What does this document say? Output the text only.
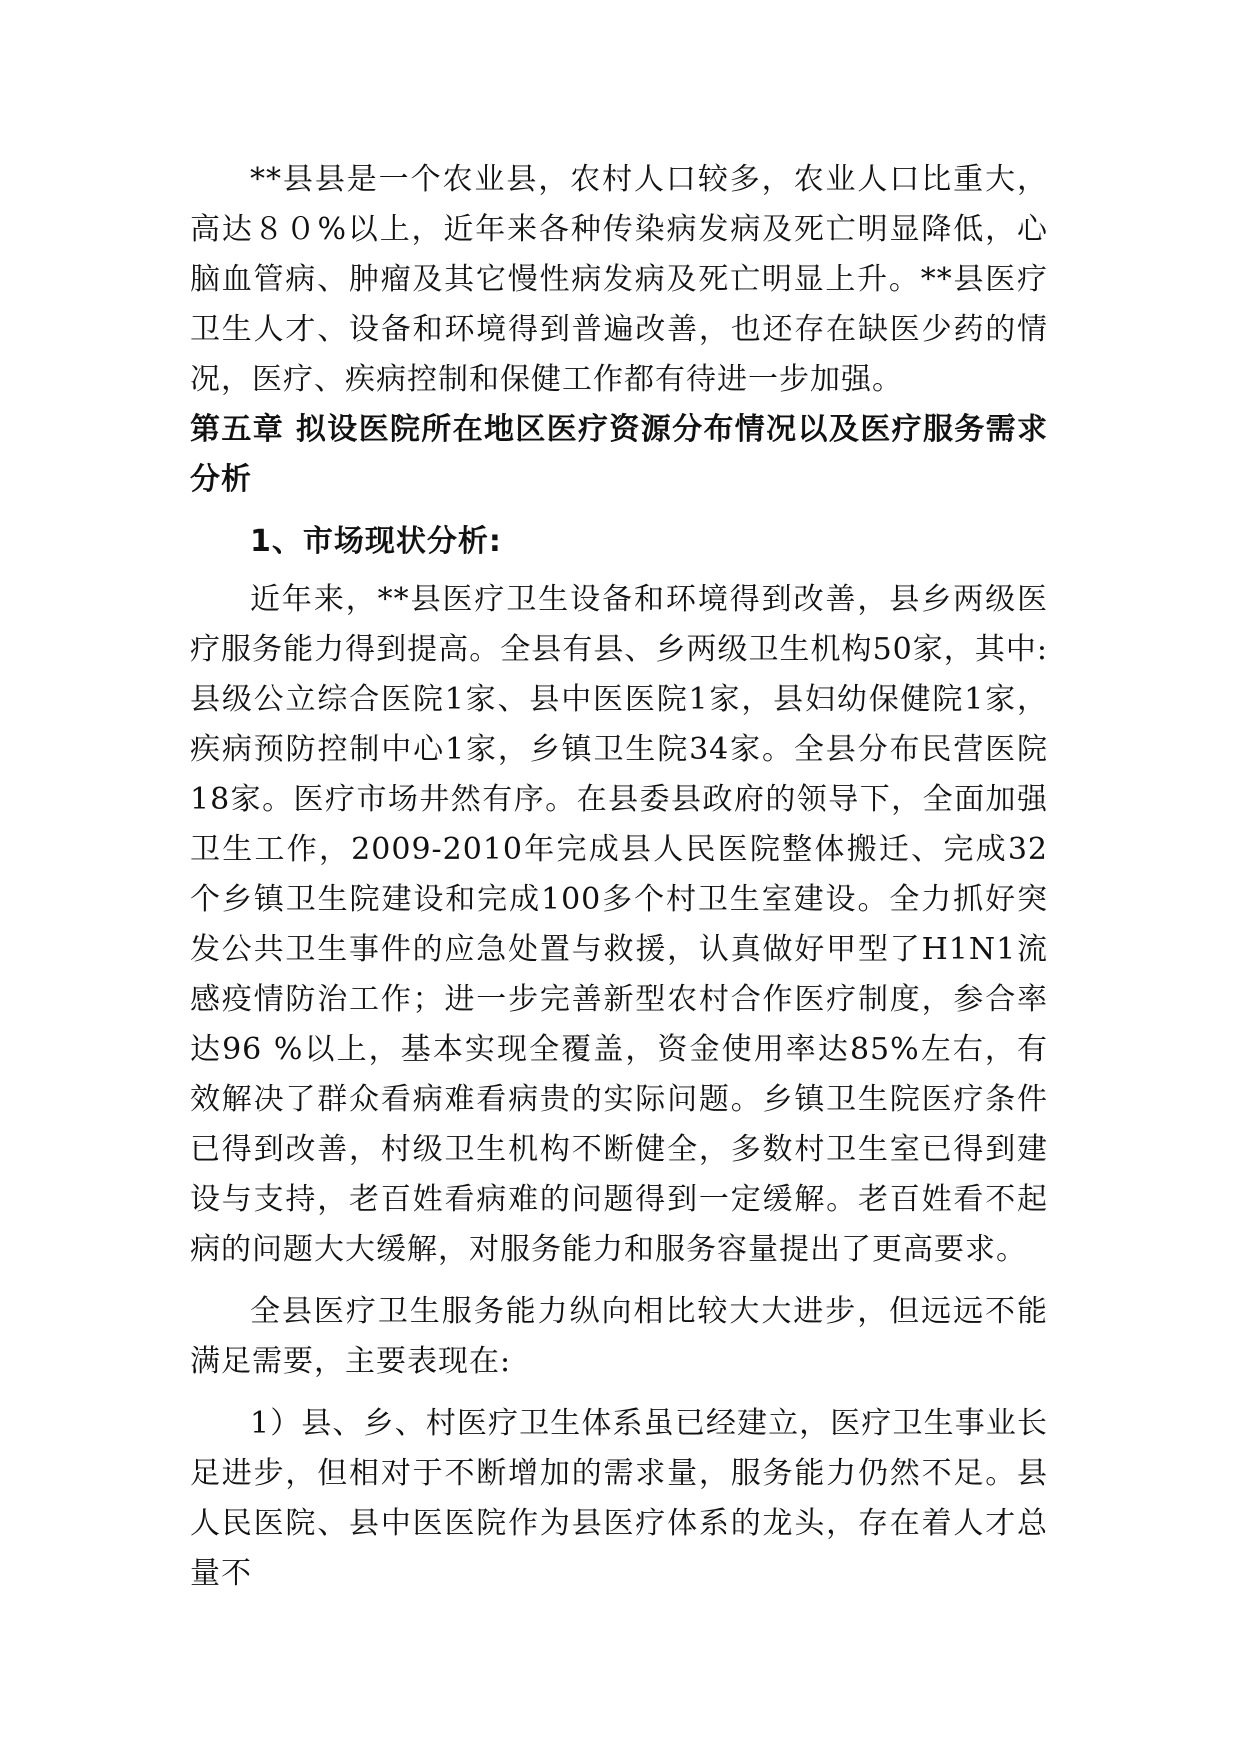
**县县是一个农业县，农村人口较多，农业人口比重大，高达８０%以上，近年来各种传染病发病及死亡明显降低，心脑血管病、肿瘤及其它慢性病发病及死亡明显上升。**县医疗卫生人才、设备和环境得到普遍改善，也还存在缺医少药的情况，医疗、疾病控制和保健工作都有待进一步加强。

第五章 拟设医院所在地区医疗资源分布情况以及医疗服务需求分析

1、市场现状分析:

近年来，**县医疗卫生设备和环境得到改善，县乡两级医疗服务能力得到提高。全县有县、乡两级卫生机构50家，其中:县级公立综合医院1家、县中医医院1家，县妇幼保健院1家，疾病预防控制中心1家，乡镇卫生院34家。全县分布民营医院18家。医疗市场井然有序。在县委县政府的领导下，全面加强卫生工作，2009-2010年完成县人民医院整体搬迁、完成32个乡镇卫生院建设和完成100多个村卫生室建设。全力抓好突发公共卫生事件的应急处置与救援，认真做好甲型了H1N1流感疫情防治工作；进一步完善新型农村合作医疗制度，参合率达96 %以上，基本实现全覆盖，资金使用率达85%左右，有效解决了群众看病难看病贵的实际问题。乡镇卫生院医疗条件已得到改善，村级卫生机构不断健全，多数村卫生室已得到建设与支持，老百姓看病难的问题得到一定缓解。老百姓看不起病的问题大大缓解，对服务能力和服务容量提出了更高要求。

全县医疗卫生服务能力纵向相比较大大进步，但远远不能满足需要，主要表现在:

1）县、乡、村医疗卫生体系虽已经建立，医疗卫生事业长足进步，但相对于不断增加的需求量，服务能力仍然不足。县人民医院、县中医医院作为县医疗体系的龙头，存在着人才总量不
